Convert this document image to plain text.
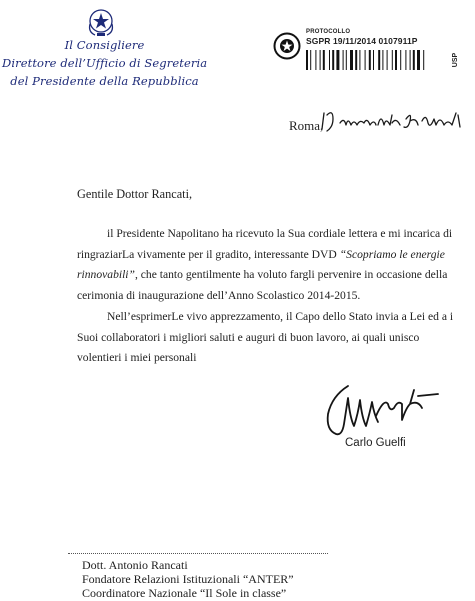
Il Consigliere
Direttore dell’Ufficio di Segreteria
del Presidente della Repubblica
PROTOCOLLO
SGPR 19/11/2014 0107911P
USP
Roma,
Gentile Dottor Rancati,
il Presidente Napolitano ha ricevuto la Sua cordiale lettera e mi incarica di
ringraziarLa vivamente per il gradito, interessante DVD “Scopriamo le energie
rinnovabili”, che tanto gentilmente ha voluto fargli pervenire in occasione della
cerimonia di inaugurazione dell’Anno Scolastico 2014-2015.
Nell’esprimerLe vivo apprezzamento, il Capo dello Stato invia a Lei ed a i
Suoi collaboratori i migliori saluti e auguri di buon lavoro, ai quali unisco
volentieri i miei personali
Carlo Guelfi
Dott. Antonio Rancati
Fondatore Relazioni Istituzionali “ANTER”
Coordinatore Nazionale “Il Sole in classe”
